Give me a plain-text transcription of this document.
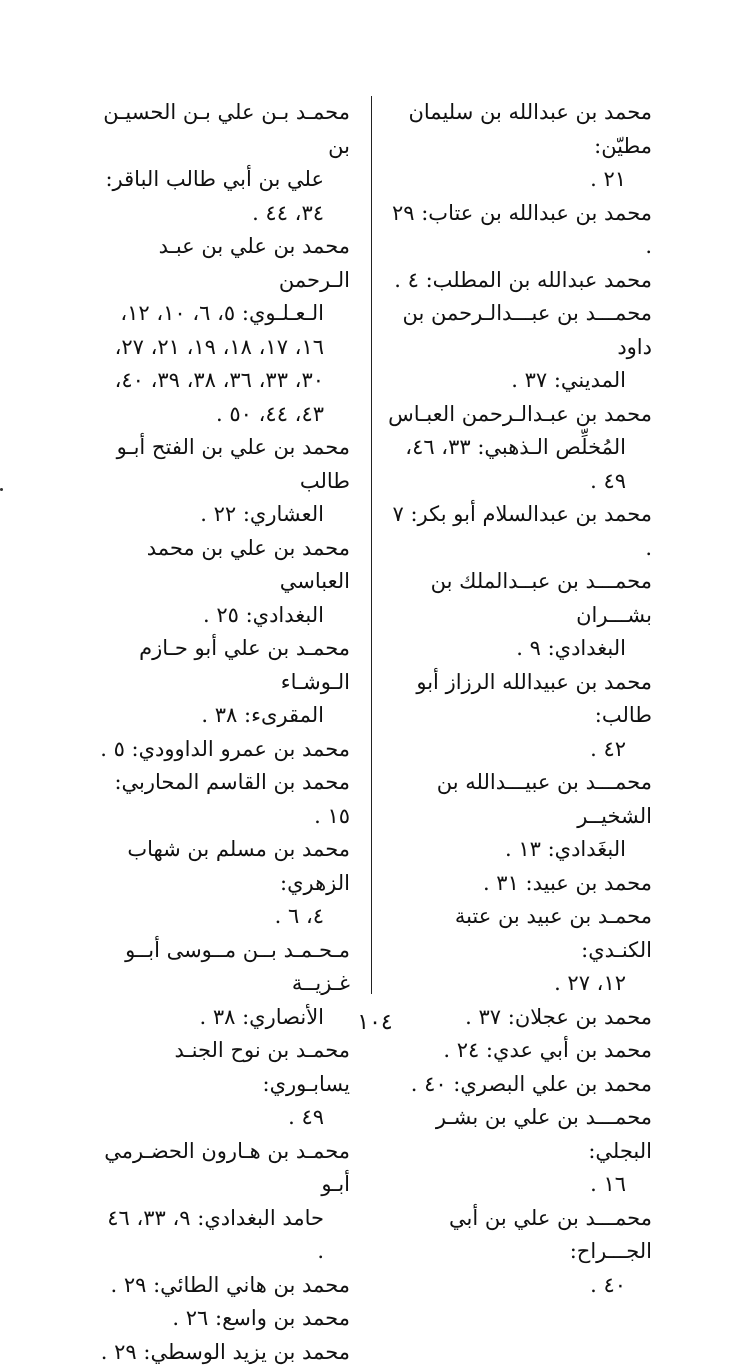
محمد بن عبدالله بن سليمان مطيّن:
٢١ .

محمد بن عبدالله بن عتاب: ٢٩ .

محمد عبدالله بن المطلب: ٤ .

محمـــد بن عبـــدالـرحمن بن داود
المديني: ٣٧ .

محمد بن عبـدالـرحمن العبـاس
المُخلِّص الـذهبي: ٣٣، ٤٦، ٤٩ .

محمد بن عبدالسلام أبو بكر: ٧ .

محمـــد بن عبــدالملك بن بشـــران
البغدادي: ٩ .

محمد بن عبيدالله الرزاز أبو طالب:
٤٢ .

محمـــد بن عبيـــدالله بن الشخيــر
البغَدادي: ١٣ .

محمد بن عبيد: ٣١ .

محمـد بن عبيد بن عتبة الكنـدي:
١٢، ٢٧ .

محمد بن عجلان: ٣٧ .

محمد بن أبي عدي: ٢٤ .

محمد بن علي البصري: ٤٠ .

محمـــد بن علي بن بشـر البجلي:
١٦ .

محمـــد بن علي بن أبي الجـــراح:
٤٠ .

محمـد بـن علي بـن الحسيـن بن
علي بن أبي طالب الباقر: ٣٤، ٤٤ .

محمد بن علي بن عبـد الـرحمن
الـعـلـوي: ٥، ٦، ١٠، ١٢، ١٦، ١٧، ١٨، ١٩، ٢١، ٢٧، ٣٠، ٣٣، ٣٦، ٣٨، ٣٩، ٤٠، ٤٣، ٤٤، ٥٠ .

محمد بن علي بن الفتح أبـو طالب
العشاري: ٢٢ .

محمد بن علي بن محمد العباسي
البغدادي: ٢٥ .

محمـد بن علي أبو حـازم الـوشـاء
المقرىء: ٣٨ .

محمد بن عمرو الداوودي: ٥ .

محمد بن القاسم المحاربي: ١٥ .

محمد بن مسلم بن شهاب الزهري:
٤، ٦ .

مـحـمـد بــن مــوسى أبــو غـزيــة
الأنصاري: ٣٨ .

محمـد بن نوح الجنـد يسابـوري:
٤٩ .

محمـد بن هـارون الحضـرمي أبـو
حامد البغدادي: ٩، ٣٣، ٤٦ .

محمد بن هاني الطائي: ٢٩ .

محمد بن واسع: ٢٦ .

محمد بن يزيد الوسطي: ٢٩ .

١٠٤
